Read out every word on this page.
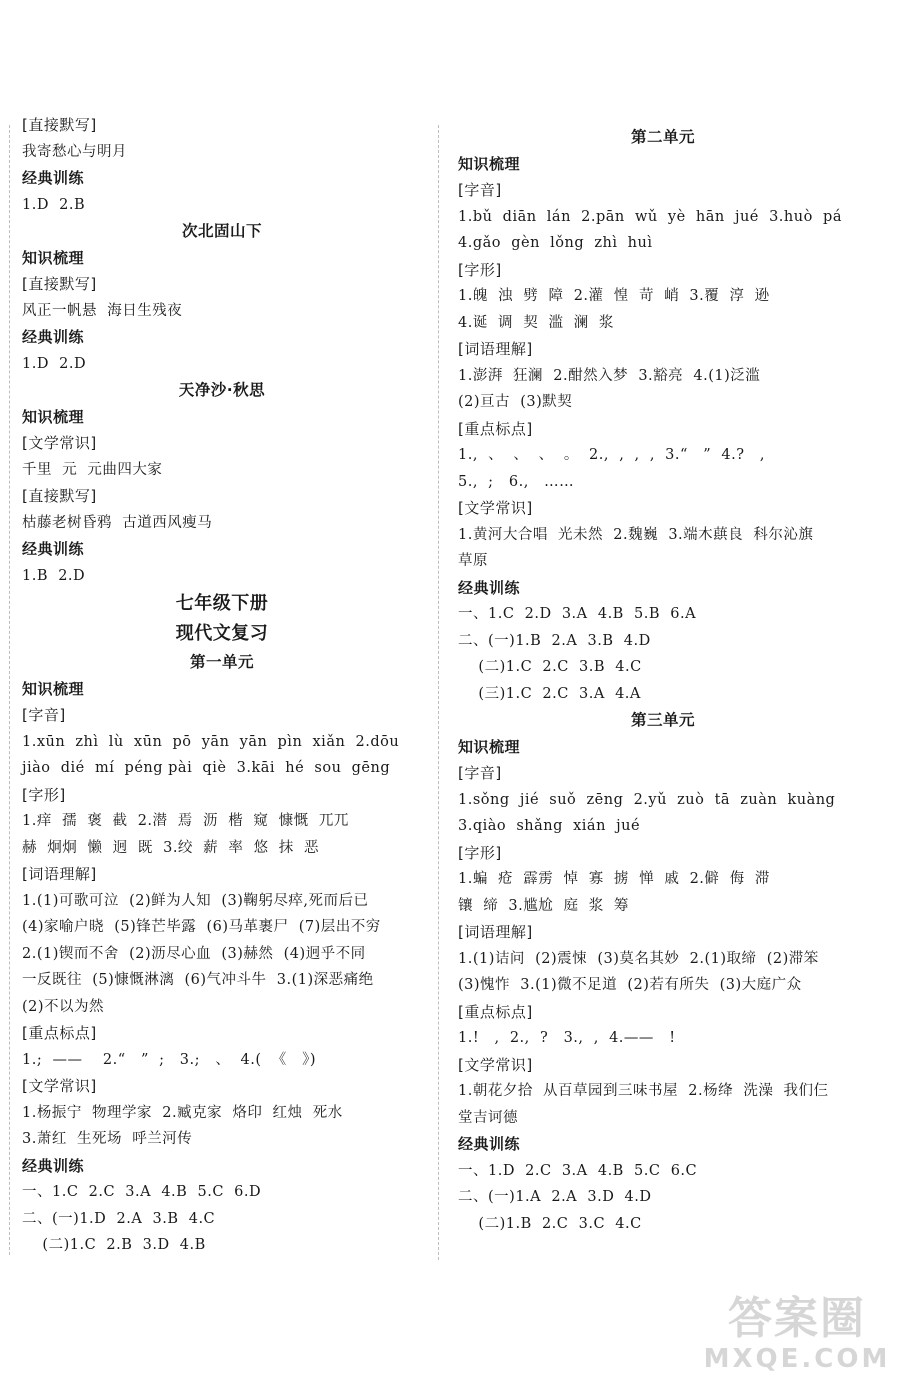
[直接默写]
我寄愁心与明月
经典训练
1.D  2.B
次北固山下
知识梳理
[直接默写]
风正一帆悬  海日生残夜
经典训练
1.D  2.D
天净沙·秋思
知识梳理
[文学常识]
千里  元  元曲四大家
[直接默写]
枯藤老树昏鸦  古道西风瘦马
经典训练
1.B  2.D
七年级下册
现代文复习
第一单元
知识梳理
[字音]
1.xūn  zhì  lù  xūn  pō  yān  yān  pìn  xiǎn  2.dōu
jiào  dié  mí  péng pài  qiè  3.kāi  hé  sou  gēng
[字形]
1.痒  孺  褒  截  2.潜  焉  沥  楷  窥  慷慨  兀兀
赫  炯炯  懒  迥  既  3.绞  薪  率  悠  抹  恶
[词语理解]
1.(1)可歌可泣  (2)鲜为人知  (3)鞠躬尽瘁,死而后已
(4)家喻户晓  (5)锋芒毕露  (6)马革裹尸  (7)层出不穷
2.(1)锲而不舍  (2)沥尽心血  (3)赫然  (4)迥乎不同
一反既往  (5)慷慨淋漓  (6)气冲斗牛  3.(1)深恶痛绝
(2)不以为然
[重点标点]
1.;  ——    2.“   ”  ;   3.;   、  4.(  《   》)
[文学常识]
1.杨振宁  物理学家  2.臧克家  烙印  红烛  死水
3.萧红  生死场  呼兰河传
经典训练
一、1.C  2.C  3.A  4.B  5.C  6.D
二、(一)1.D  2.A  3.B  4.C
(二)1.C  2.B  3.D  4.B
第二单元
知识梳理
[字音]
1.bǔ  diān  lán  2.pān  wǔ  yè  hān  jué  3.huò  pá
4.gǎo  gèn  lǒng  zhì  huì
[字形]
1.魄  浊  劈  障  2.灌  惶  苛  峭  3.覆  淳  逊
4.诞  调  契  滥  澜  浆
[词语理解]
1.澎湃  狂澜  2.酣然入梦  3.豁亮  4.(1)泛滥
(2)亘古  (3)默契
[重点标点]
1.,  、  、  、  。  2.,  ,  ,  ,  3.“   ”  4.?   ,
5.,  ;   6.,   ……
[文学常识]
1.黄河大合唱  光未然  2.魏巍  3.端木蕻良  科尔沁旗
草原
经典训练
一、1.C  2.D  3.A  4.B  5.B  6.A
二、(一)1.B  2.A  3.B  4.D
(二)1.C  2.C  3.B  4.C
(三)1.C  2.C  3.A  4.A
第三单元
知识梳理
[字音]
1.sǒng  jié  suǒ  zēng  2.yǔ  zuò  tā  zuàn  kuàng
3.qiào  shǎng  xián  jué
[字形]
1.蝙  疮  霹雳  悼  寡  掳  惮  戚  2.僻  侮  滞
镶  缔  3.尴尬  庭  浆  筹
[词语理解]
1.(1)诘问  (2)震悚  (3)莫名其妙  2.(1)取缔  (2)滞笨
(3)愧怍  3.(1)微不足道  (2)若有所失  (3)大庭广众
[重点标点]
1.!   ,  2.,  ?   3.,  ,  4.——   !
[文学常识]
1.朝花夕拾  从百草园到三味书屋  2.杨绛  洗澡  我们仨
堂吉诃德
经典训练
一、1.D  2.C  3.A  4.B  5.C  6.C
二、(一)1.A  2.A  3.D  4.D
(二)1.B  2.C  3.C  4.C
答案圈
MXQE.COM
